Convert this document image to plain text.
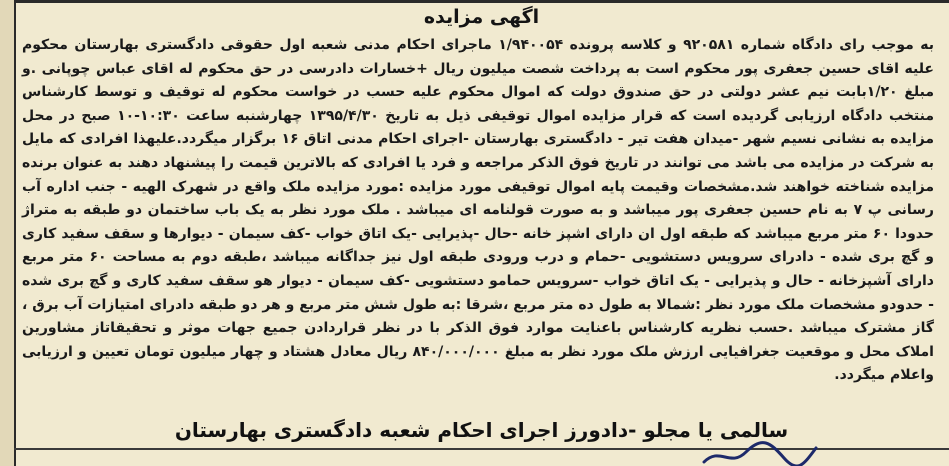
اگهی مزایده
به موجب رای دادگاه شماره ۹۲۰۵۸۱ و کلاسه پرونده ۱/۹۴۰۰۵۴ ماجرای احکام مدنی شعبه اول حقوقی دادگستری بهارستان محکوم علیه اقای حسین جعفری پور محکوم است به پرداخت شصت میلیون ریال +خسارات دادرسی در حق محکوم له اقای عباس چوپانی .و مبلغ ۱/۲۰بابت نیم عشر دولتی در حق صندوق دولت که اموال محکوم علیه حسب در خواست محکوم له توقیف و توسط کارشناس منتخب دادگاه ارزیابی گردیده است که قرار مزایده اموال توقیفی ذیل به تاریخ ۱۳۹۵/۴/۳۰ چهارشنبه ساعت ۱۰:۳۰-۱۰ صبح در محل مزایده به نشانی نسیم شهر -میدان هفت تیر - دادگستری بهارستان -اجرای احکام مدنی اتاق ۱۶ برگزار میگردد.علیهذا افرادی که مایل به شرکت در مزایده می باشد می توانند در تاریخ فوق الذکر مراجعه و فرد یا افرادی که بالاترین قیمت را پیشنهاد دهند به عنوان برنده مزایده شناخته خواهند شد.مشخصات وقیمت پایه اموال توقیفی مورد مزایده :مورد مزایده ملک واقع در شهرک الهیه - جنب اداره آب رسانی پ ۷ به نام حسین جعفری پور میباشد و به صورت قولنامه ای میباشد . ملک مورد نظر به یک باب ساختمان دو طبقه به متراژ حدودا ۶۰ متر مربع میباشد که طبقه اول ان دارای اشپز خانه -حال -پذیرایی -یک اتاق خواب -کف سیمان - دیوارها و سقف سفید کاری و گچ بری شده - دادرای سرویس دستشویی -حمام و درب ورودی طبقه اول نیز جداگانه میباشد ،طبقه دوم به مساحت ۶۰ متر مربع دارای آشپزخانه - حال و پذیرایی - یک اتاق خواب -سرویس حمامو دستشویی -کف سیمان - دیوار هو سقف سفید کاری و گچ بری شده - حدودو مشخصات ملک مورد نظر :شمالا به طول ده متر مربع ،شرقا :به طول شش متر مربع و هر دو طبقه دادرای امتیازات آب برق ، گاز مشترک میباشد .حسب نظریه کارشناس باعنایت موارد فوق الذکر با در نظر قراردادن جمیع جهات موثر و تحقیقاتاز مشاورین املاک محل و موقعیت جغرافیایی ارزش ملک مورد نظر به مبلغ ۸۴۰/۰۰۰/۰۰۰ ریال معادل هشتاد و چهار میلیون تومان تعیین و ارزیابی واعلام میگردد.
سالمی یا مجلو -دادورز اجرای احکام شعبه دادگستری بهارستان
